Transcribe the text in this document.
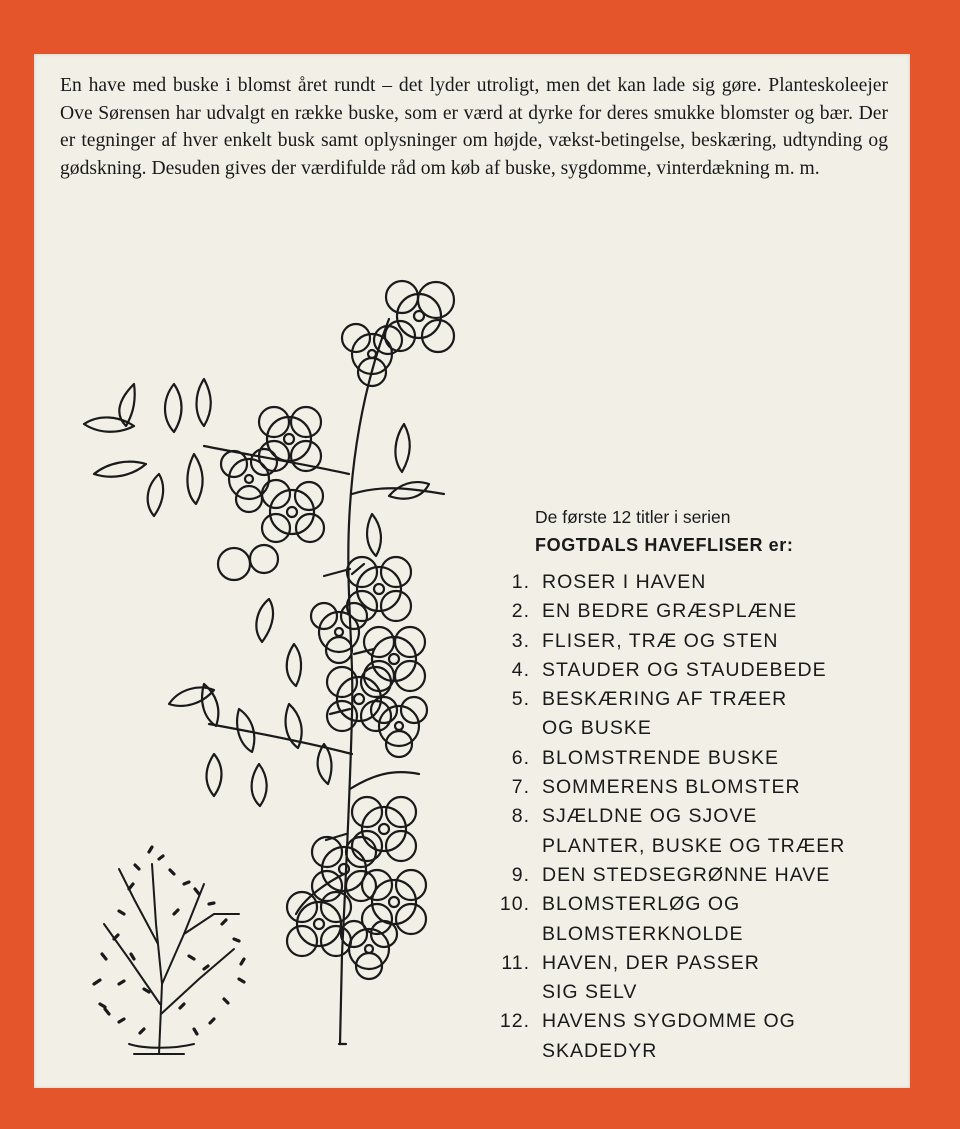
En have med buske i blomst året rundt – det lyder utroligt, men det kan lade sig gøre. Planteskoleejer Ove Sørensen har udvalgt en række buske, som er værd at dyrke for deres smukke blomster og bær. Der er tegninger af hver enkelt busk samt oplysninger om højde, vækst-betingelse, beskæring, udtynding og gødskning. Desuden gives der værdifulde råd om køb af buske, sygdomme, vinterdækning m. m.

De første 12 titler i serien
FOGTDALS HAVEFLISER er:
1. ROSER I HAVEN
2. EN BEDRE GRÆSPLÆNE
3. FLISER, TRÆ OG STEN
4. STAUDER OG STAUDEBEDE
5. BESKÆRING AF TRÆER
OG BUSKE
6. BLOMSTRENDE BUSKE
7. SOMMERENS BLOMSTER
8. SJÆLDNE OG SJOVE
PLANTER, BUSKE OG TRÆER
9. DEN STEDSEGRØNNE HAVE
10. BLOMSTERLØG OG
BLOMSTERKNOLDE
11. HAVEN, DER PASSER
SIG SELV
12. HAVENS SYGDOMME OG
SKADEDYR
